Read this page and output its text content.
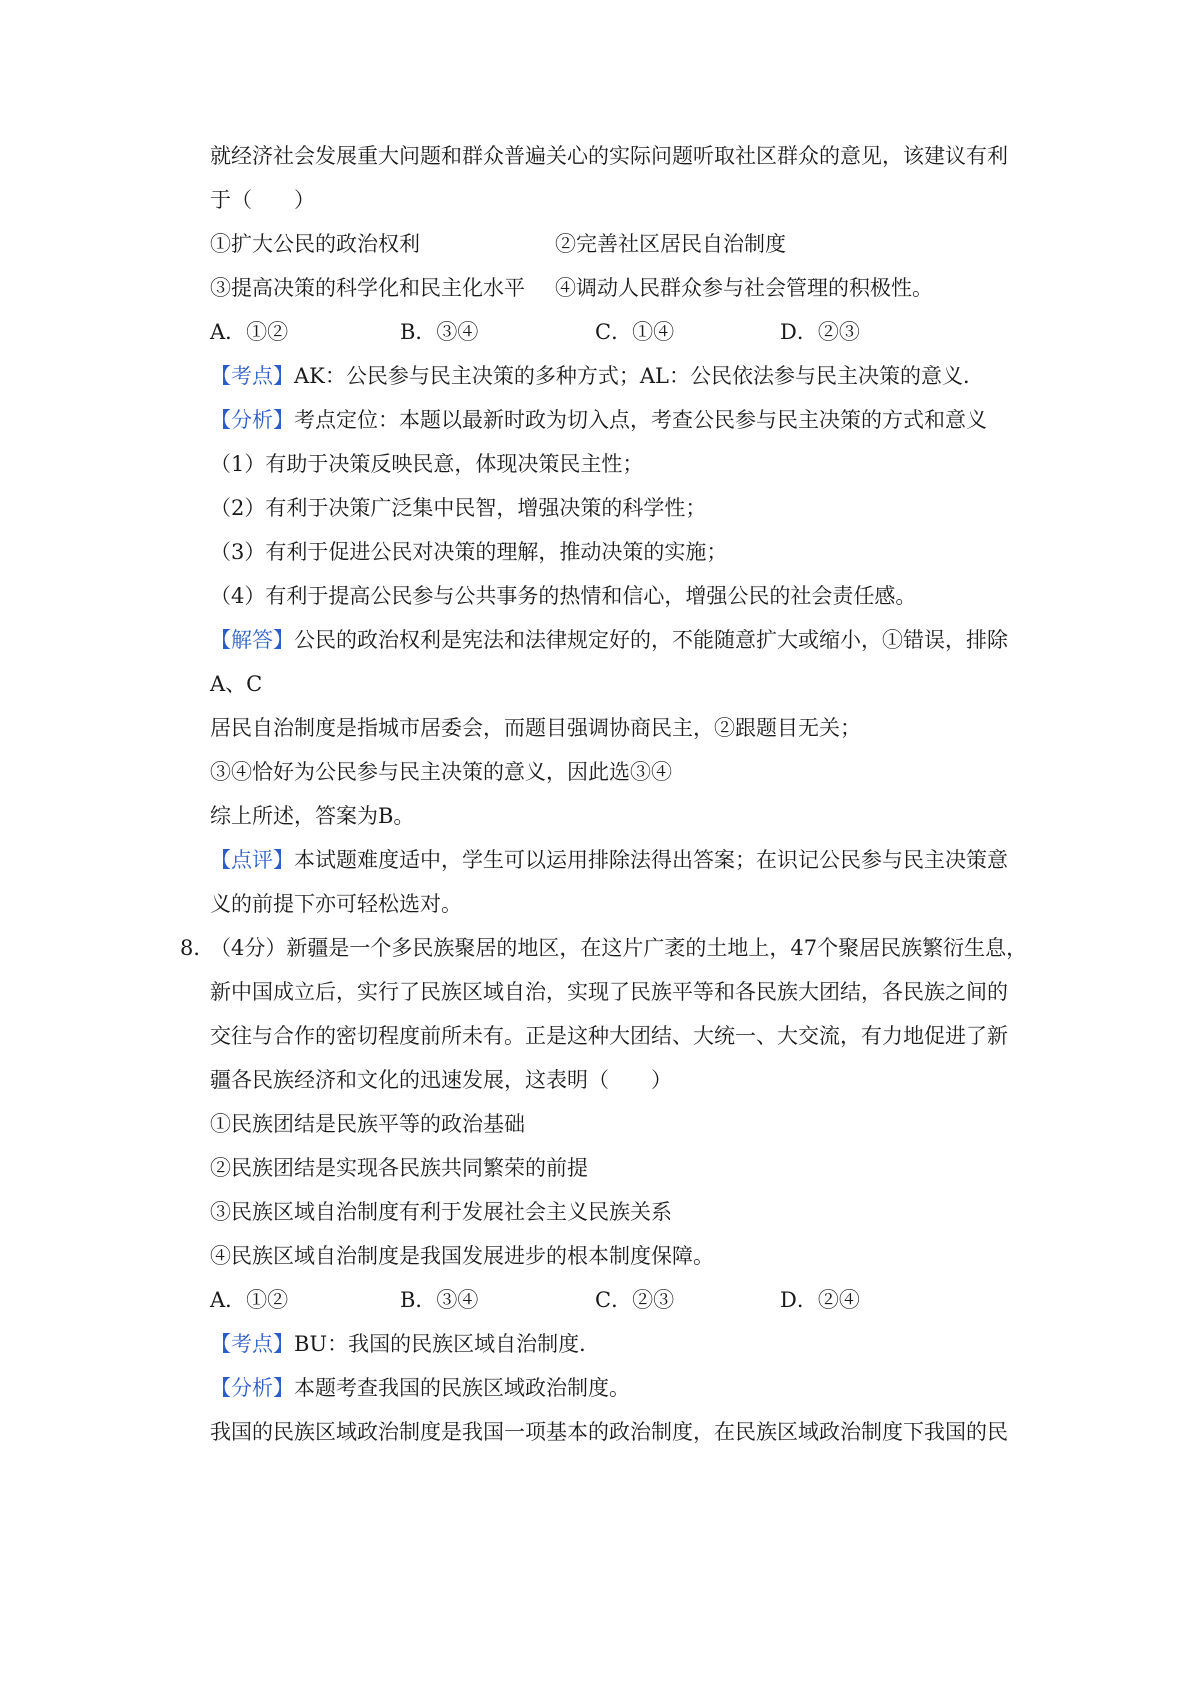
就经济社会发展重大问题和群众普遍关心的实际问题听取社区群众的意见，该建议有利
于（　　）
①扩大公民的政治权利	②完善社区居民自治制度
③提高决策的科学化和民主化水平 ④调动人民群众参与社会管理的积极性。
A．①②	B．③④	C．①④	D．②③
【考点】AK：公民参与民主决策的多种方式；AL：公民依法参与民主决策的意义．
【分析】考点定位：本题以最新时政为切入点，考查公民参与民主决策的方式和意义
（1）有助于决策反映民意，体现决策民主性；
（2）有利于决策广泛集中民智，增强决策的科学性；
（3）有利于促进公民对决策的理解，推动决策的实施；
（4）有利于提高公民参与公共事务的热情和信心，增强公民的社会责任感。
【解答】公民的政治权利是宪法和法律规定好的，不能随意扩大或缩小，①错误，排除
A、C
居民自治制度是指城市居委会，而题目强调协商民主，②跟题目无关；
③④恰好为公民参与民主决策的意义，因此选③④
综上所述，答案为B。
【点评】本试题难度适中，学生可以运用排除法得出答案；在识记公民参与民主决策意
义的前提下亦可轻松选对。
8．
（4分）新疆是一个多民族聚居的地区，在这片广袤的土地上，47个聚居民族繁衍生息，
新中国成立后，实行了民族区域自治，实现了民族平等和各民族大团结，各民族之间的
交往与合作的密切程度前所未有。正是这种大团结、大统一、大交流，有力地促进了新
疆各民族经济和文化的迅速发展，这表明（　　）
①民族团结是民族平等的政治基础
②民族团结是实现各民族共同繁荣的前提
③民族区域自治制度有利于发展社会主义民族关系
④民族区域自治制度是我国发展进步的根本制度保障。
A．①②	B．③④	C．②③	D．②④
【考点】BU：我国的民族区域自治制度．
【分析】本题考查我国的民族区域政治制度。
我国的民族区域政治制度是我国一项基本的政治制度，在民族区域政治制度下我国的民
